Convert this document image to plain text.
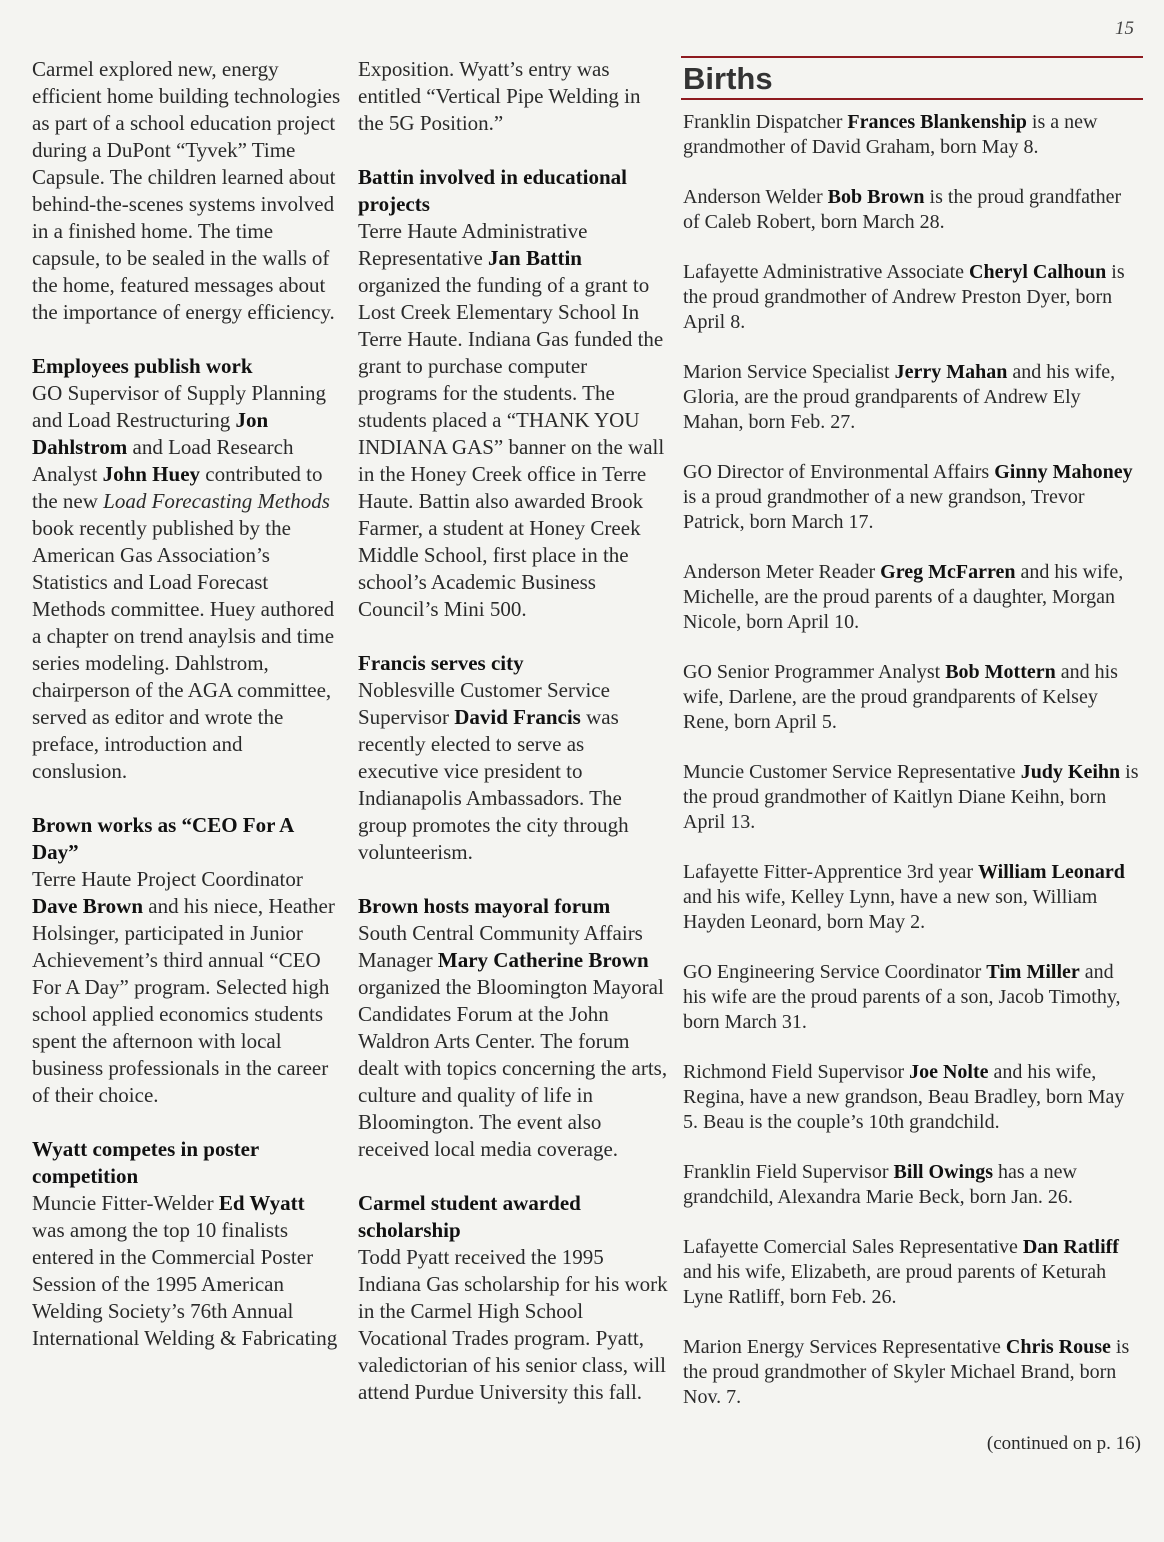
15

Carmel explored new, energy efficient home building technologies as part of a school education project during a DuPont “Tyvek” Time Capsule. The children learned about behind-the-scenes systems involved in a finished home. The time capsule, to be sealed in the walls of the home, featured messages about the importance of energy efficiency.

Employees publish work

GO Supervisor of Supply Planning and Load Restructuring Jon Dahlstrom and Load Research Analyst John Huey contributed to the new Load Forecasting Methods book recently published by the American Gas Association’s Statistics and Load Forecast Methods committee. Huey authored a chapter on trend anaylsis and time series modeling. Dahlstrom, chairperson of the AGA committee, served as editor and wrote the preface, introduction and conslusion.

Brown works as “CEO For A Day”

Terre Haute Project Coordinator Dave Brown and his niece, Heather Holsinger, participated in Junior Achievement’s third annual “CEO For A Day” program. Selected high school applied economics students spent the afternoon with local business professionals in the career of their choice.

Wyatt competes in poster competition

Muncie Fitter-Welder Ed Wyatt was among the top 10 finalists entered in the Commercial Poster Session of the 1995 American Welding Society’s 76th Annual International Welding & Fabricating

Exposition. Wyatt’s entry was entitled “Vertical Pipe Welding in the 5G Position.”

Battin involved in educational projects

Terre Haute Administrative Representative Jan Battin organized the funding of a grant to Lost Creek Elementary School In Terre Haute. Indiana Gas funded the grant to purchase computer programs for the students. The students placed a “THANK YOU INDIANA GAS” banner on the wall in the Honey Creek office in Terre Haute. Battin also awarded Brook Farmer, a student at Honey Creek Middle School, first place in the school’s Academic Business Council’s Mini 500.

Francis serves city

Noblesville Customer Service Supervisor David Francis was recently elected to serve as executive vice president to Indianapolis Ambassadors. The group promotes the city through volunteerism.

Brown hosts mayoral forum

South Central Community Affairs Manager Mary Catherine Brown organized the Bloomington Mayoral Candidates Forum at the John Waldron Arts Center. The forum dealt with topics concerning the arts, culture and quality of life in Bloomington. The event also received local media coverage.

Carmel student awarded scholarship

Todd Pyatt received the 1995 Indiana Gas scholarship for his work in the Carmel High School Vocational Trades program. Pyatt, valedictorian of his senior class, will attend Purdue University this fall.

Births

Franklin Dispatcher Frances Blankenship is a new grandmother of David Graham, born May 8.

Anderson Welder Bob Brown is the proud grandfather of Caleb Robert, born March 28.

Lafayette Administrative Associate Cheryl Calhoun is the proud grandmother of Andrew Preston Dyer, born April 8.

Marion Service Specialist Jerry Mahan and his wife, Gloria, are the proud grandparents of Andrew Ely Mahan, born Feb. 27.

GO Director of Environmental Affairs Ginny Mahoney is a proud grandmother of a new grandson, Trevor Patrick, born March 17.

Anderson Meter Reader Greg McFarren and his wife, Michelle, are the proud parents of a daughter, Morgan Nicole, born April 10.

GO Senior Programmer Analyst Bob Mottern and his wife, Darlene, are the proud grandparents of Kelsey Rene, born April 5.

Muncie Customer Service Representative Judy Keihn is the proud grandmother of Kaitlyn Diane Keihn, born April 13.

Lafayette Fitter-Apprentice 3rd year William Leonard and his wife, Kelley Lynn, have a new son, William Hayden Leonard, born May 2.

GO Engineering Service Coordinator Tim Miller and his wife are the proud parents of a son, Jacob Timothy, born March 31.

Richmond Field Supervisor Joe Nolte and his wife, Regina, have a new grandson, Beau Bradley, born May 5. Beau is the couple’s 10th grandchild.

Franklin Field Supervisor Bill Owings has a new grandchild, Alexandra Marie Beck, born Jan. 26.

Lafayette Comercial Sales Representative Dan Ratliff and his wife, Elizabeth, are proud parents of Keturah Lyne Ratliff, born Feb. 26.

Marion Energy Services Representative Chris Rouse is the proud grandmother of Skyler Michael Brand, born Nov. 7.

(continued on p. 16)
